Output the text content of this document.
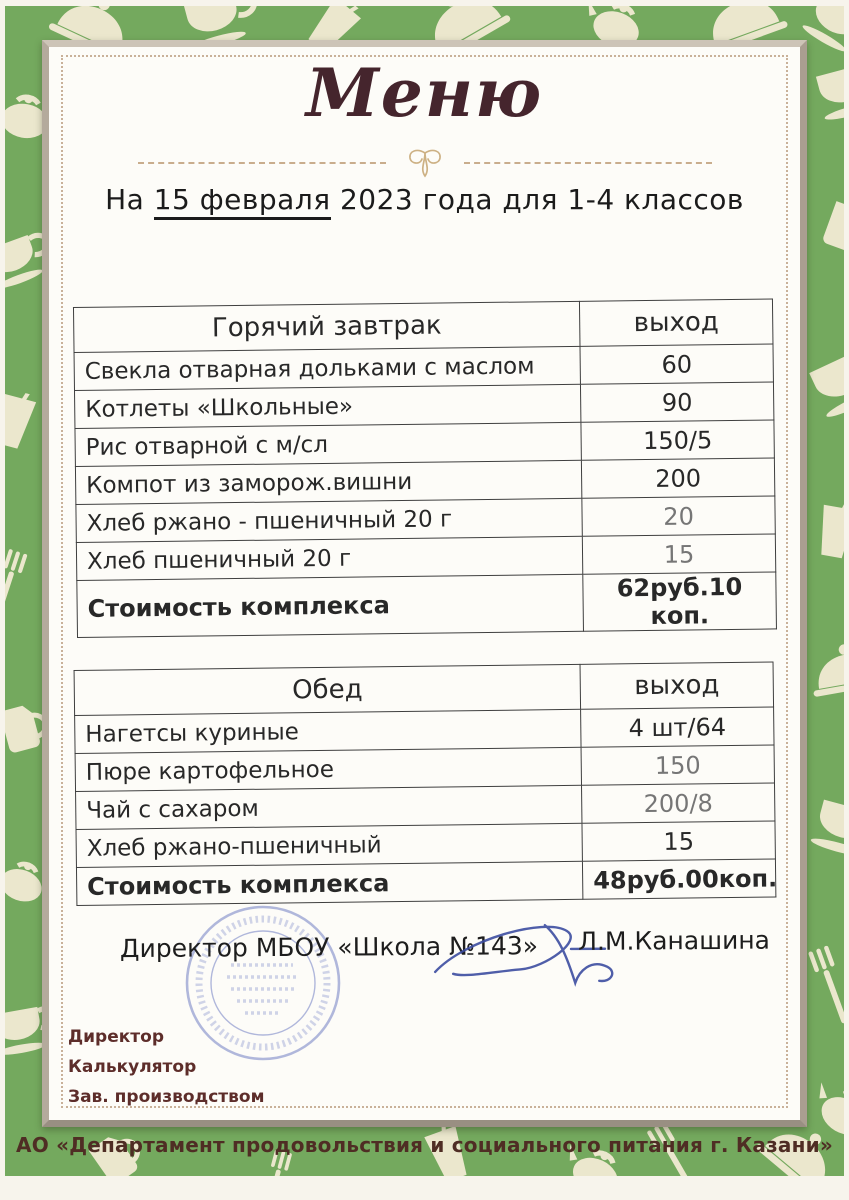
Меню

На 15 февраля 2023 года для 1-4 классов

Горячий завтрак	выход
Свекла отварная дольками с маслом	60
Котлеты «Школьные»	90
Рис отварной с м/сл	150/5
Компот из заморож.вишни	200
Хлеб ржано - пшеничный 20 г	20
Хлеб пшеничный 20 г	15
Стоимость комплекса	62руб.10 коп.
Обед	выход
Нагетсы куриные	4 шт/64
Пюре картофельное	150
Чай с сахаром	200/8
Хлеб ржано-пшеничный	15
Стоимость комплекса	48руб.00коп.
Директор МБОУ «Школа №143» Л.М.Канашина
Директор
Калькулятор
Зав. производством
АО «Департамент продовольствия и социального питания г. Казани»
